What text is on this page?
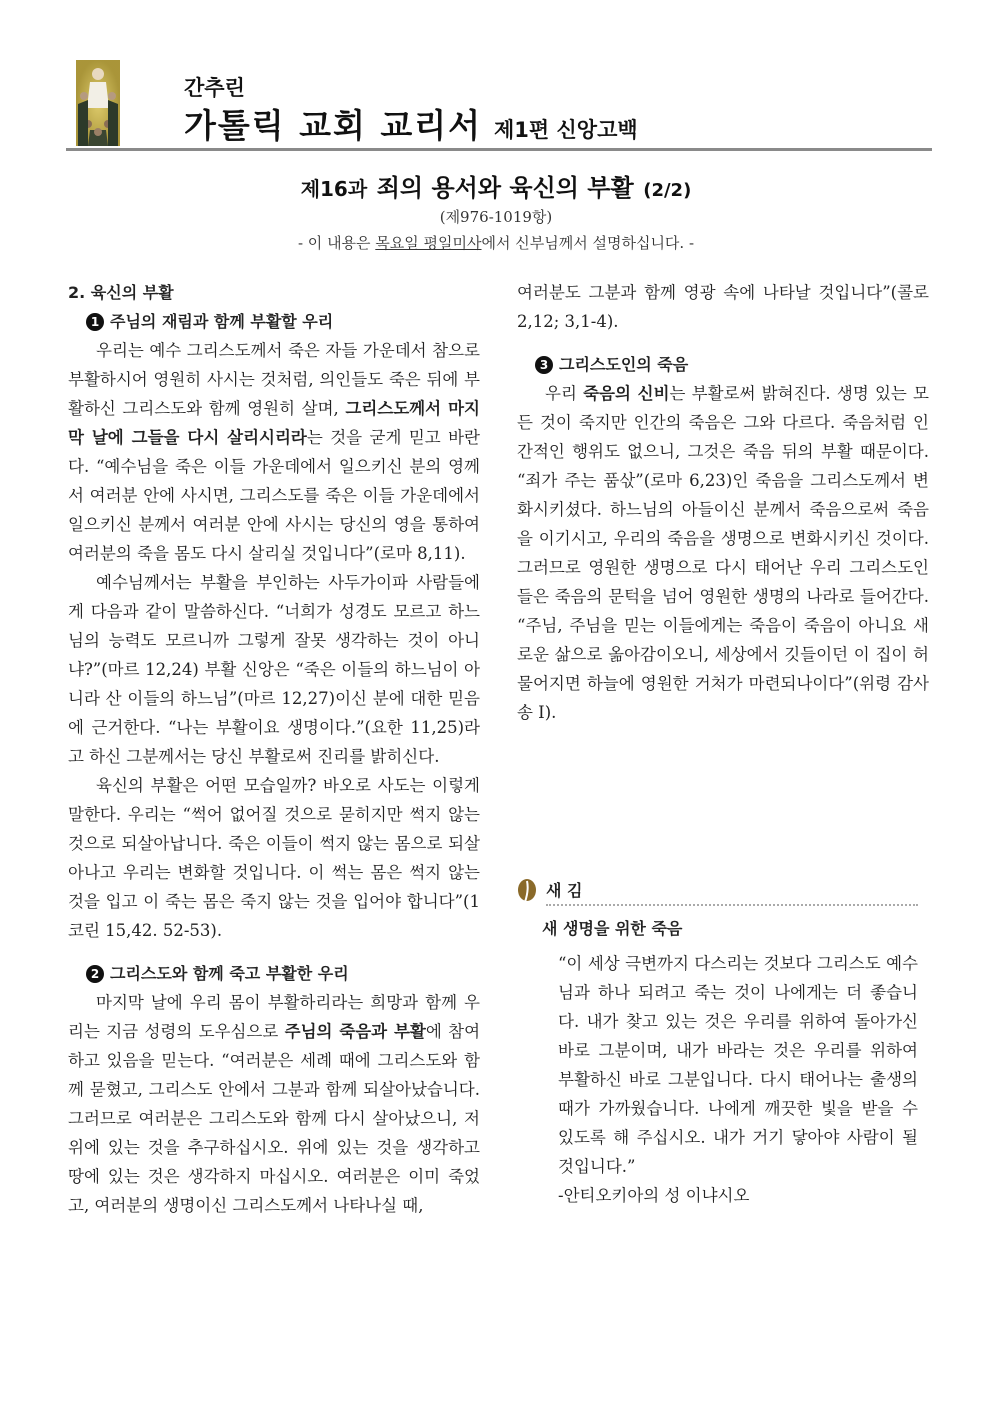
간추린
가톨릭 교회 교리서 제1편 신앙고백
제16과 죄의 용서와 육신의 부활 (2/2)
(제976-1019항)
- 이 내용은 목요일 평일미사에서 신부님께서 설명하십니다. -

2. 육신의 부활

1 주님의 재림과 함께 부활할 우리

우리는 예수 그리스도께서 죽은 자들 가운데서 참으로 부활하시어 영원히 사시는 것처럼, 의인들도 죽은 뒤에 부활하신 그리스도와 함께 영원히 살며, 그리스도께서 마지막 날에 그들을 다시 살리시리라는 것을 굳게 믿고 바란다. “예수님을 죽은 이들 가운데에서 일으키신 분의 영께서 여러분 안에 사시면, 그리스도를 죽은 이들 가운데에서 일으키신 분께서 여러분 안에 사시는 당신의 영을 통하여 여러분의 죽을 몸도 다시 살리실 것입니다”(로마 8,11).

예수님께서는 부활을 부인하는 사두가이파 사람들에게 다음과 같이 말씀하신다. “너희가 성경도 모르고 하느님의 능력도 모르니까 그렇게 잘못 생각하는 것이 아니냐?”(마르 12,24) 부활 신앙은 “죽은 이들의 하느님이 아니라 산 이들의 하느님”(마르 12,27)이신 분에 대한 믿음에 근거한다. “나는 부활이요 생명이다.”(요한 11,25)라고 하신 그분께서는 당신 부활로써 진리를 밝히신다.

육신의 부활은 어떤 모습일까? 바오로 사도는 이렇게 말한다. 우리는 “썩어 없어질 것으로 묻히지만 썩지 않는 것으로 되살아납니다. 죽은 이들이 썩지 않는 몸으로 되살아나고 우리는 변화할 것입니다. 이 썩는 몸은 썩지 않는 것을 입고 이 죽는 몸은 죽지 않는 것을 입어야 합니다”(1코린 15,42. 52-53).

2 그리스도와 함께 죽고 부활한 우리

마지막 날에 우리 몸이 부활하리라는 희망과 함께 우리는 지금 성령의 도우심으로 주님의 죽음과 부활에 참여하고 있음을 믿는다. “여러분은 세례 때에 그리스도와 함께 묻혔고, 그리스도 안에서 그분과 함께 되살아났습니다. 그러므로 여러분은 그리스도와 함께 다시 살아났으니, 저 위에 있는 것을 추구하십시오. 위에 있는 것을 생각하고 땅에 있는 것은 생각하지 마십시오. 여러분은 이미 죽었고, 여러분의 생명이신 그리스도께서 나타나실 때,

여러분도 그분과 함께 영광 속에 나타날 것입니다”(콜로 2,12; 3,1-4).

3 그리스도인의 죽음

우리 죽음의 신비는 부활로써 밝혀진다. 생명 있는 모든 것이 죽지만 인간의 죽음은 그와 다르다. 죽음처럼 인간적인 행위도 없으니, 그것은 죽음 뒤의 부활 때문이다. “죄가 주는 품삯”(로마 6,23)인 죽음을 그리스도께서 변화시키셨다. 하느님의 아들이신 분께서 죽음으로써 죽음을 이기시고, 우리의 죽음을 생명으로 변화시키신 것이다. 그러므로 영원한 생명으로 다시 태어난 우리 그리스도인들은 죽음의 문턱을 넘어 영원한 생명의 나라로 들어간다. “주님, 주님을 믿는 이들에게는 죽음이 죽음이 아니요 새로운 삶으로 옮아감이오니, 세상에서 깃들이던 이 집이 허물어지면 하늘에 영원한 거처가 마련되나이다”(위령 감사송 Ⅰ).

새 김
새 생명을 위한 죽음
“이 세상 극변까지 다스리는 것보다 그리스도 예수님과 하나 되려고 죽는 것이 나에게는 더 좋습니다. 내가 찾고 있는 것은 우리를 위하여 돌아가신 바로 그분이며, 내가 바라는 것은 우리를 위하여 부활하신 바로 그분입니다. 다시 태어나는 출생의 때가 가까웠습니다. 나에게 깨끗한 빛을 받을 수 있도록 해 주십시오. 내가 거기 닿아야 사람이 될 것입니다.”
-안티오키아의 성 이냐시오
